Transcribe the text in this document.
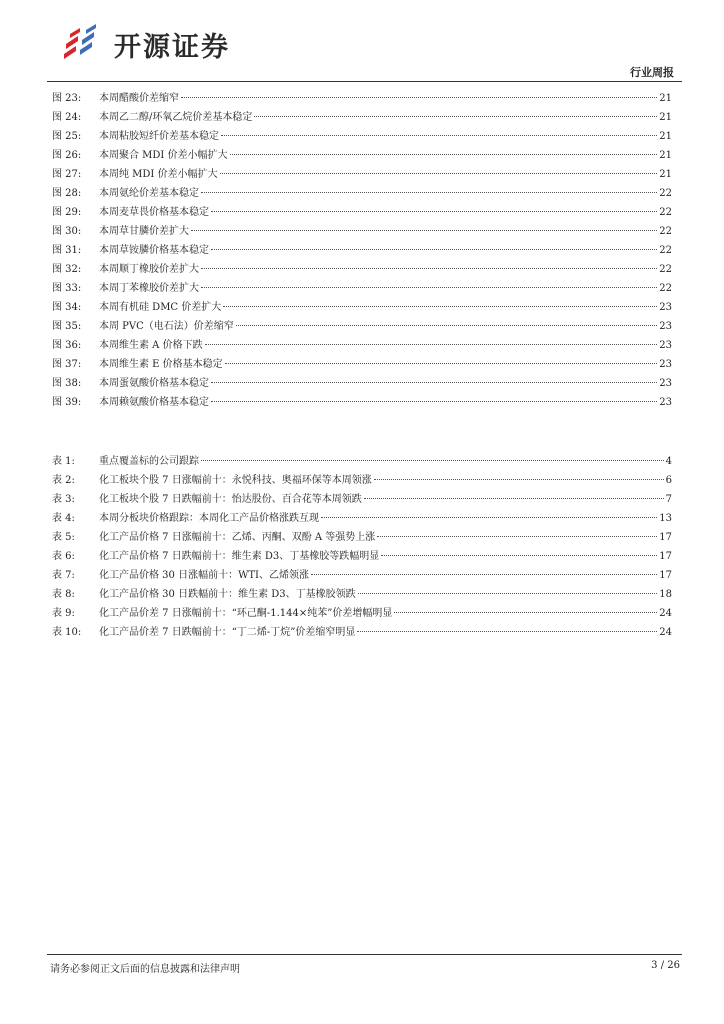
开源证券
行业周报
图 23:	本周醋酸价差缩窄	21
图 24:	本周乙二醇/环氧乙烷价差基本稳定	21
图 25:	本周粘胶短纤价差基本稳定	21
图 26:	本周聚合 MDI 价差小幅扩大	21
图 27:	本周纯 MDI 价差小幅扩大	21
图 28:	本周氨纶价差基本稳定	22
图 29:	本周麦草畏价格基本稳定	22
图 30:	本周草甘膦价差扩大	22
图 31:	本周草铵膦价格基本稳定	22
图 32:	本周顺丁橡胶价差扩大	22
图 33:	本周丁苯橡胶价差扩大	22
图 34:	本周有机硅 DMC 价差扩大	23
图 35:	本周 PVC（电石法）价差缩窄	23
图 36:	本周维生素 A 价格下跌	23
图 37:	本周维生素 E 价格基本稳定	23
图 38:	本周蛋氨酸价格基本稳定	23
图 39:	本周赖氨酸价格基本稳定	23
表 1:	重点覆盖标的公司跟踪	4
表 2:	化工板块个股 7 日涨幅前十：永悦科技、奥福环保等本周领涨	6
表 3:	化工板块个股 7 日跌幅前十：怡达股份、百合花等本周领跌	7
表 4:	本周分板块价格跟踪：本周化工产品价格涨跌互现	13
表 5:	化工产品价格 7 日涨幅前十：乙烯、丙酮、双酚 A 等强势上涨	17
表 6:	化工产品价格 7 日跌幅前十：维生素 D3、丁基橡胶等跌幅明显	17
表 7:	化工产品价格 30 日涨幅前十：WTI、乙烯领涨	17
表 8:	化工产品价格 30 日跌幅前十：维生素 D3、丁基橡胶领跌	18
表 9:	化工产品价差 7 日涨幅前十：“环己酮-1.144×纯苯”价差增幅明显	24
表 10:	化工产品价差 7 日跌幅前十：“丁二烯-丁烷”价差缩窄明显	24
请务必参阅正文后面的信息披露和法律声明	3 / 26
